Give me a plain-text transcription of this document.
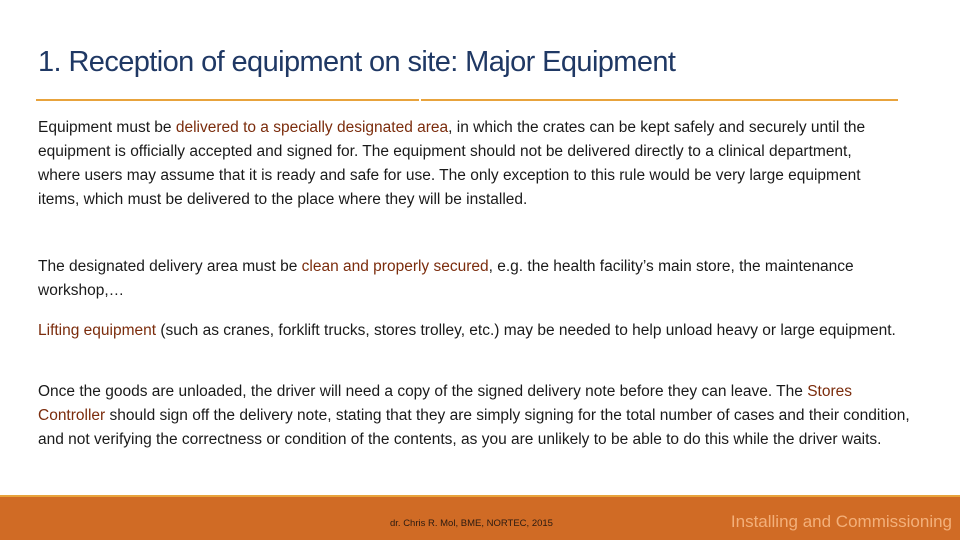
1. Reception of equipment on site: Major Equipment

Equipment must be delivered to a specially designated area, in which the crates can be kept safely and securely until the equipment is officially accepted and signed for. The equipment should not be delivered directly to a clinical department, where users may assume that it is ready and safe for use. The only exception to this rule would be very large equipment items, which must be delivered to the place where they will be installed.

The designated delivery area must be clean and properly secured, e.g. the health facility’s main store, the maintenance workshop,…

Lifting equipment (such as cranes, forklift trucks, stores trolley, etc.) may be needed to help unload heavy or large equipment.

Once the goods are unloaded, the driver will need a copy of the signed delivery note before they can leave. The Stores Controller should sign off the delivery note, stating that they are simply signing for the total number of cases and their condition, and not verifying the correctness or condition of the contents, as you are unlikely to be able to do this while the driver waits.

dr. Chris R. Mol, BME, NORTEC, 2015	Installing and Commissioning
